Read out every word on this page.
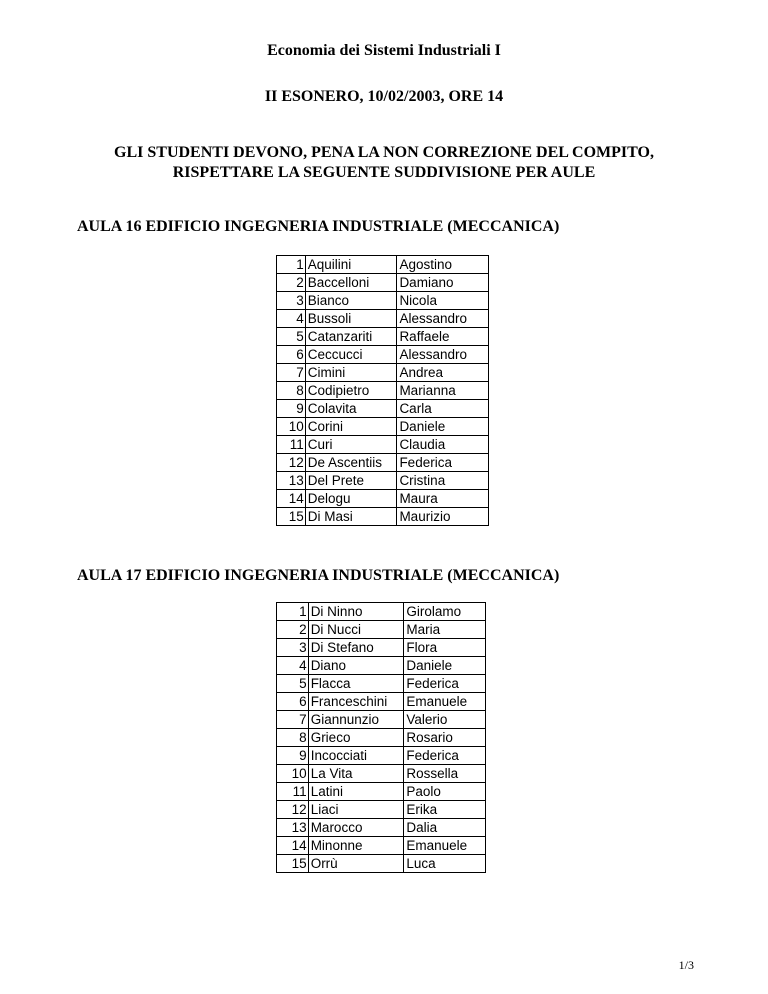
Economia dei Sistemi Industriali I
II ESONERO, 10/02/2003, ORE 14
GLI STUDENTI DEVONO, PENA LA NON CORREZIONE DEL COMPITO,
RISPETTARE LA SEGUENTE SUDDIVISIONE PER AULE
AULA 16 EDIFICIO INGEGNERIA INDUSTRIALE (MECCANICA)
1	Aquilini	Agostino
2	Baccelloni	Damiano
3	Bianco	Nicola
4	Bussoli	Alessandro
5	Catanzariti	Raffaele
6	Ceccucci	Alessandro
7	Cimini	Andrea
8	Codipietro	Marianna
9	Colavita	Carla
10	Corini	Daniele
11	Curi	Claudia
12	De Ascentiis	Federica
13	Del Prete	Cristina
14	Delogu	Maura
15	Di Masi	Maurizio
AULA 17 EDIFICIO INGEGNERIA INDUSTRIALE (MECCANICA)
1	Di Ninno	Girolamo
2	Di Nucci	Maria
3	Di Stefano	Flora
4	Diano	Daniele
5	Flacca	Federica
6	Franceschini	Emanuele
7	Giannunzio	Valerio
8	Grieco	Rosario
9	Incocciati	Federica
10	La Vita	Rossella
11	Latini	Paolo
12	Liaci	Erika
13	Marocco	Dalia
14	Minonne	Emanuele
15	Orrù	Luca
1/3
